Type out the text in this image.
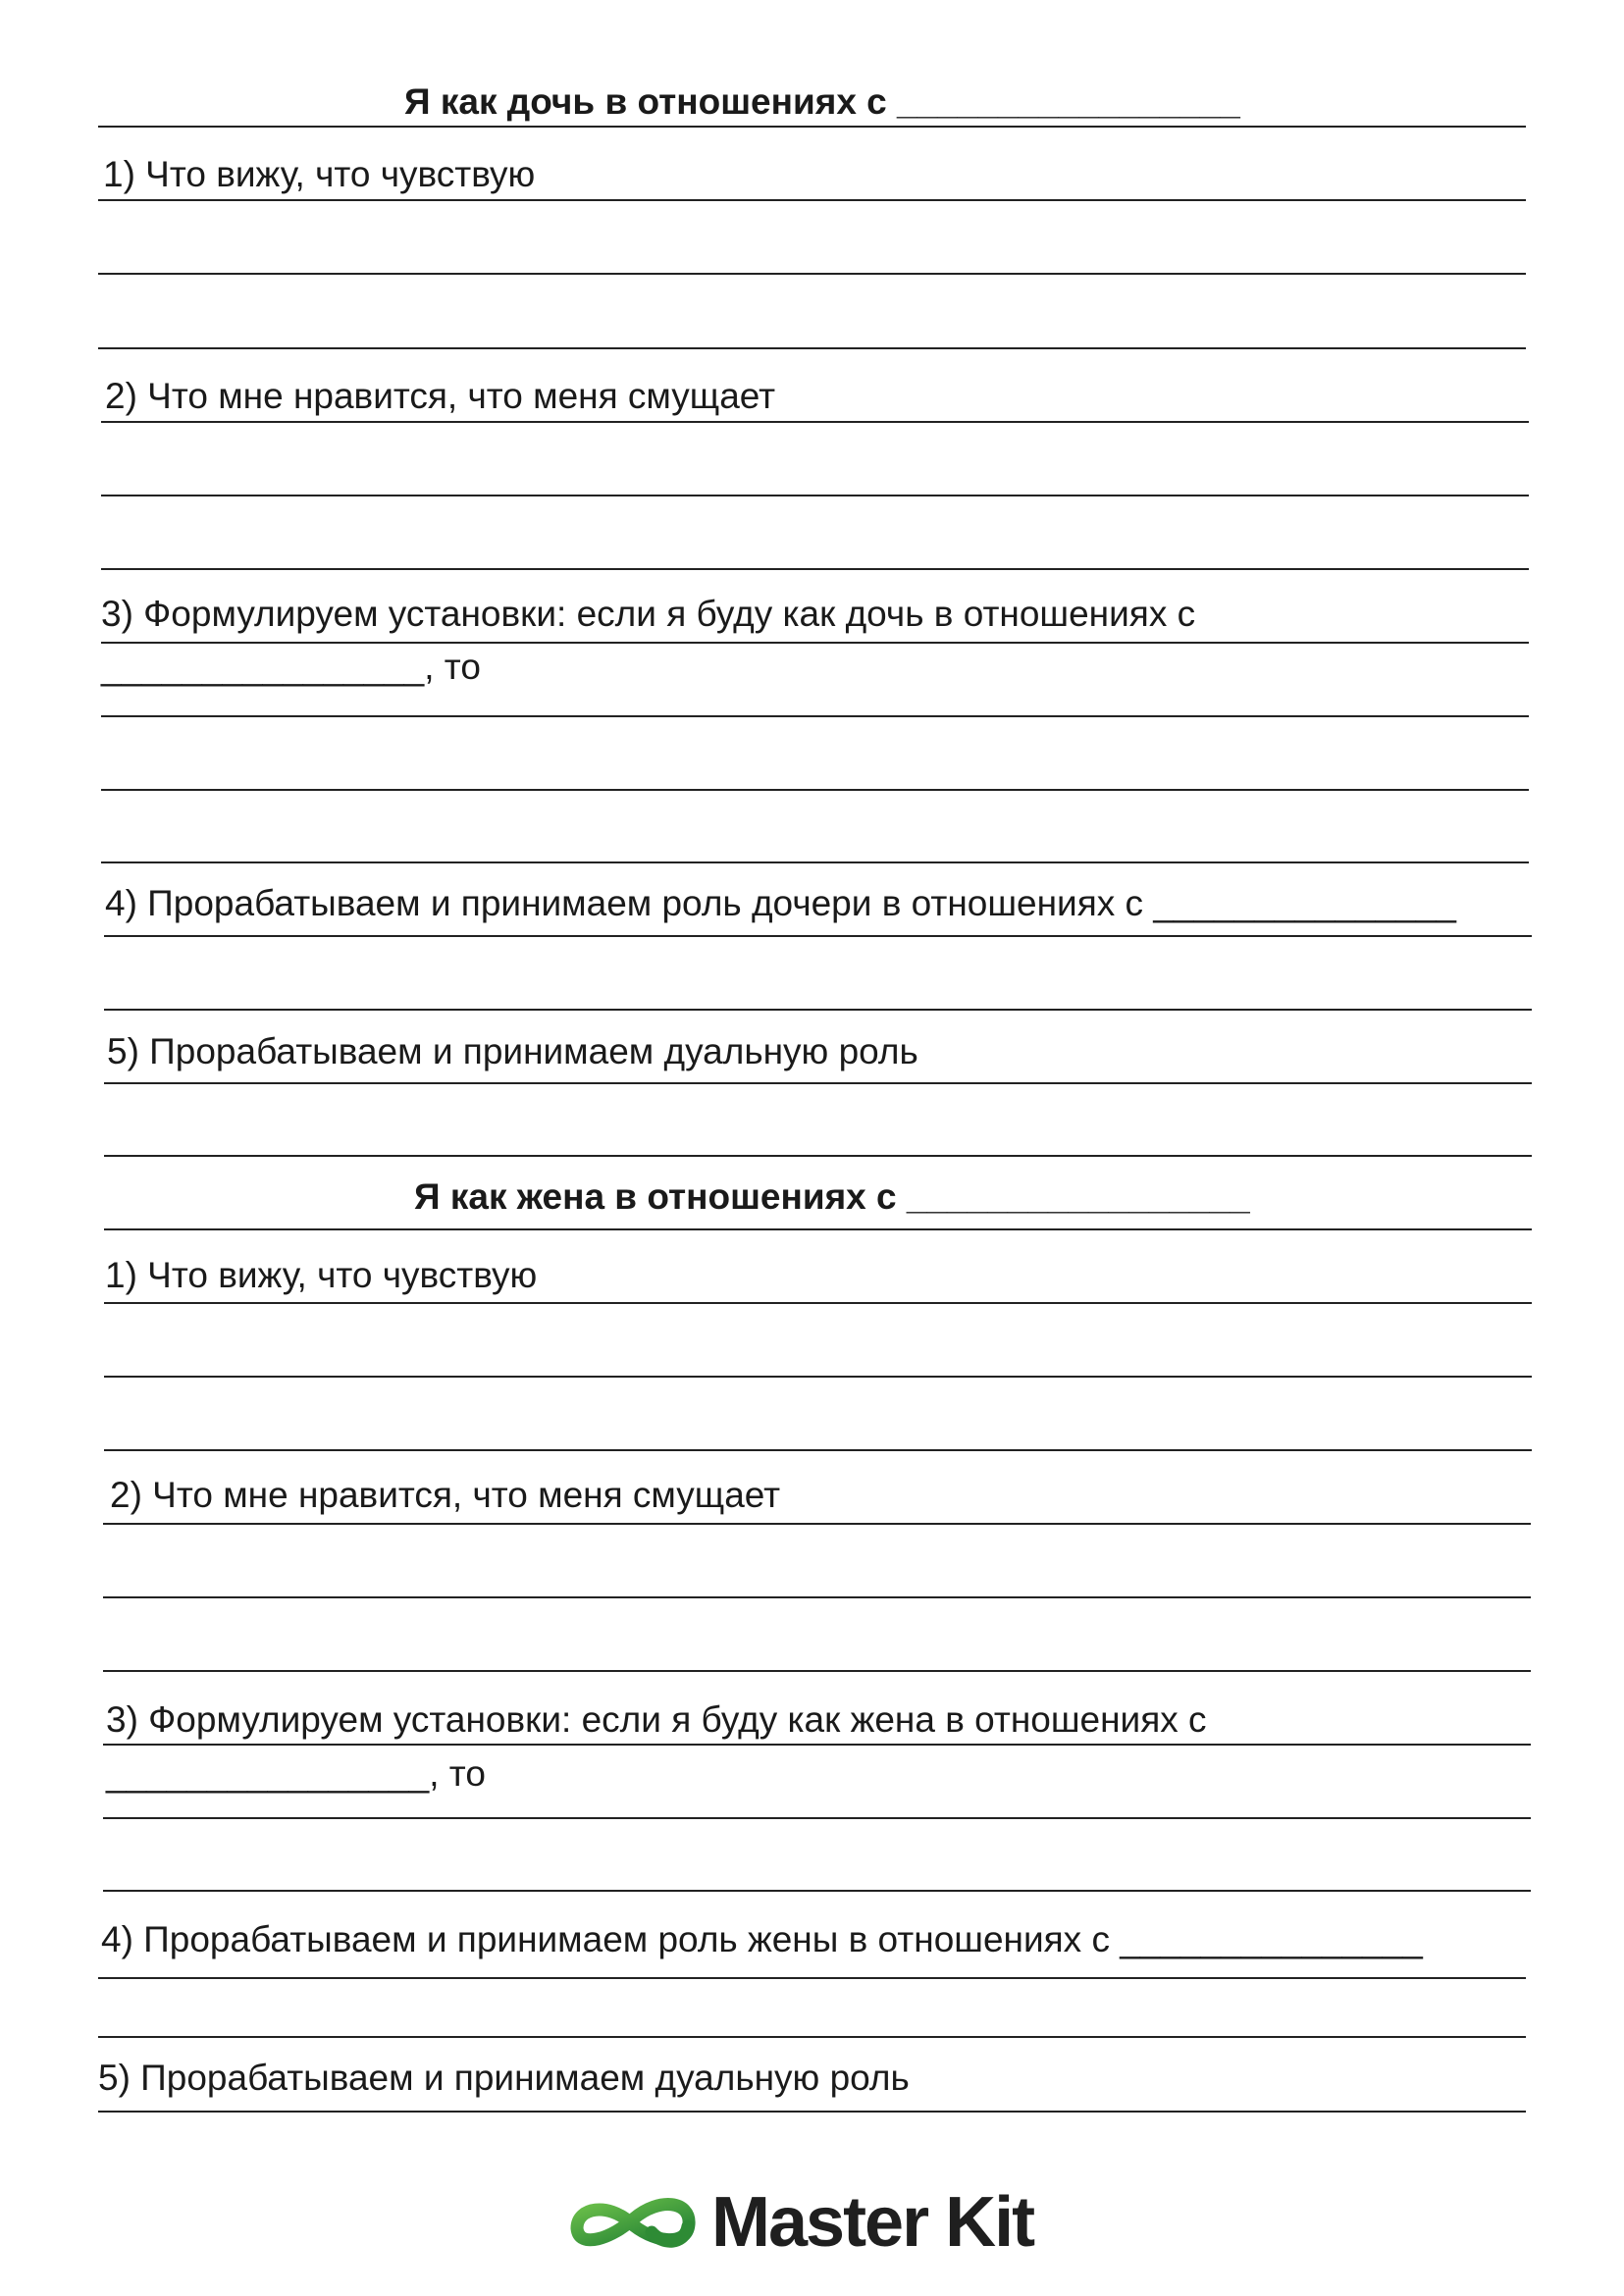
Я как дочь в отношениях с _________________
1) Что вижу, что чувствую
2) Что мне нравится, что меня смущает
3) Формулируем установки: если я буду как дочь в отношениях с
________________, то
4) Прорабатываем и принимаем роль дочери в отношениях с _______________
5) Прорабатываем и принимаем дуальную роль
Я как жена в отношениях с _________________
1) Что вижу, что чувствую
2) Что мне нравится, что меня смущает
3) Формулируем установки: если я буду как жена в отношениях с
________________, то
4) Прорабатываем и принимаем роль жены в отношениях с _______________
5) Прорабатываем и принимаем дуальную роль
Master Kit
